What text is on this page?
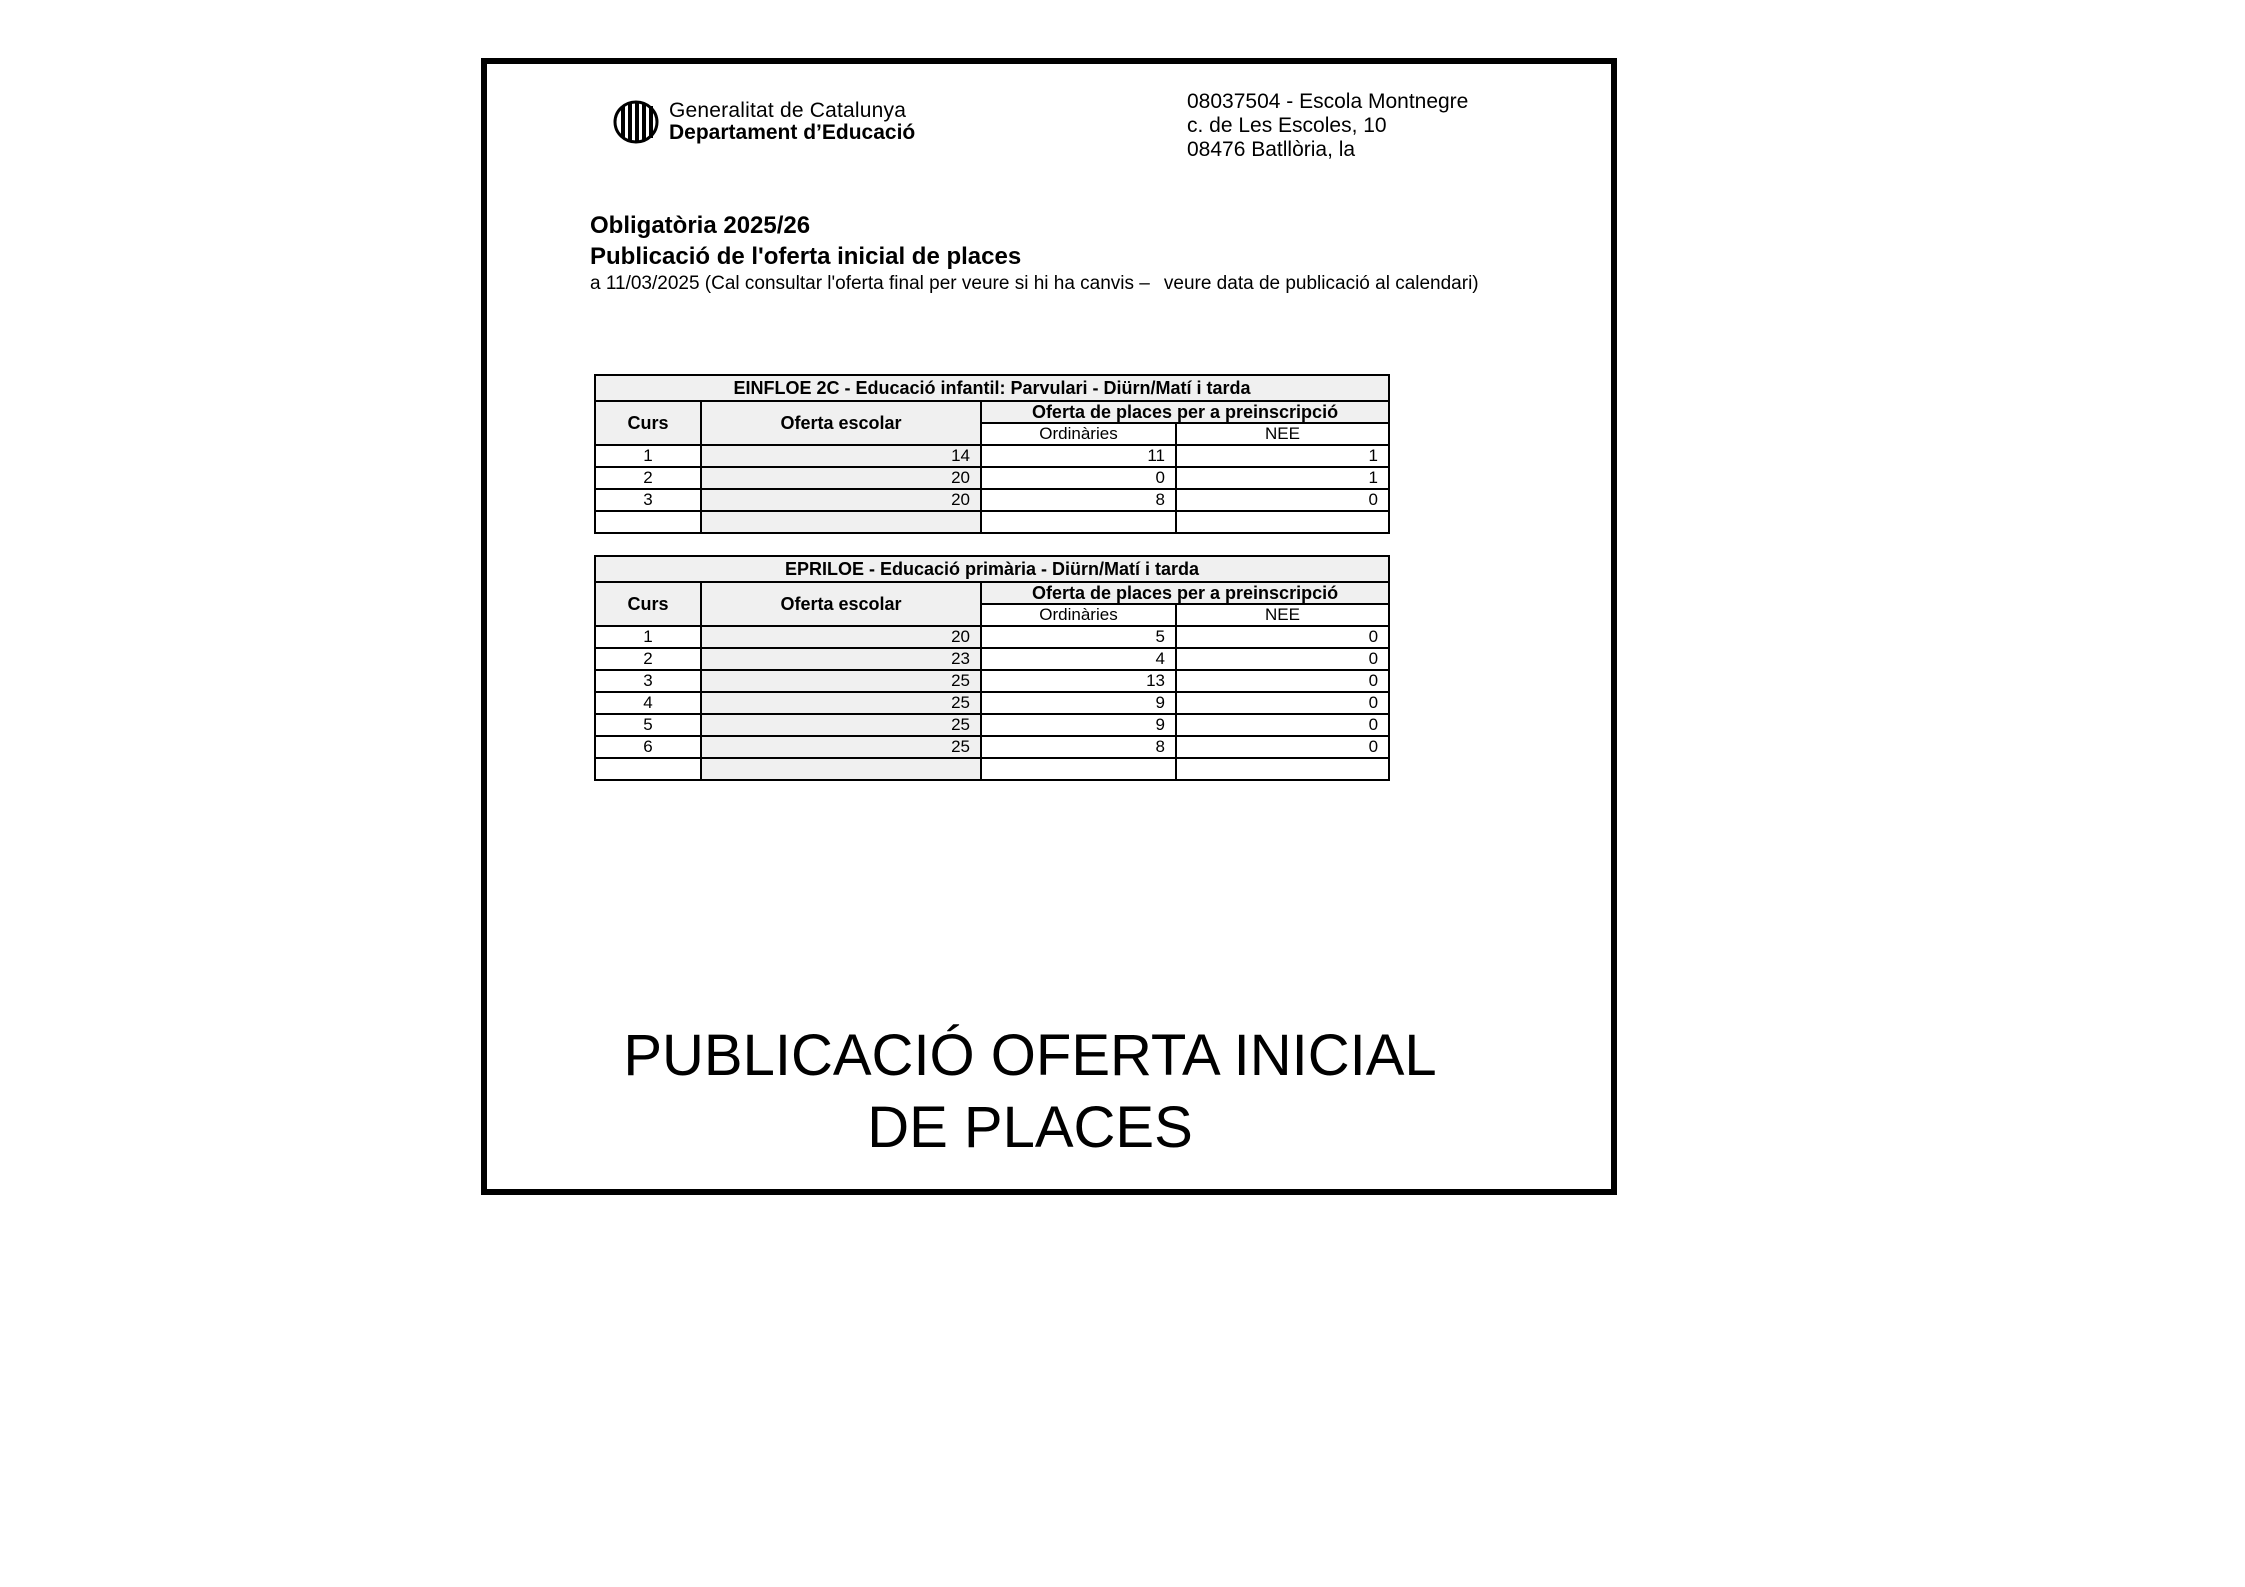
Generalitat de Catalunya
Departament d’Educació
08037504 - Escola Montnegre
c. de Les Escoles, 10
08476 Batllòria, la
Obligatòria 2025/26
Publicació de l'oferta inicial de places
a 11/03/2025 (Cal consultar l'oferta final per veure si hi ha canvis – veure data de publicació al calendari)
EINFLOE 2C - Educació infantil: Parvulari - Diürn/Matí i tarda			
Curs	Oferta escolar	Oferta de places per a preinscripció	
		Ordinàries	NEE
1	14	11	1
2	20	0	1
3	20	8	0

EPRILOE - Educació primària - Diürn/Matí i tarda			
Curs	Oferta escolar	Oferta de places per a preinscripció	
		Ordinàries	NEE
1	20	5	0
2	23	4	0
3	25	13	0
4	25	9	0
5	25	9	0
6	25	8	0

PUBLICACIÓ OFERTA INICIAL
DE PLACES
